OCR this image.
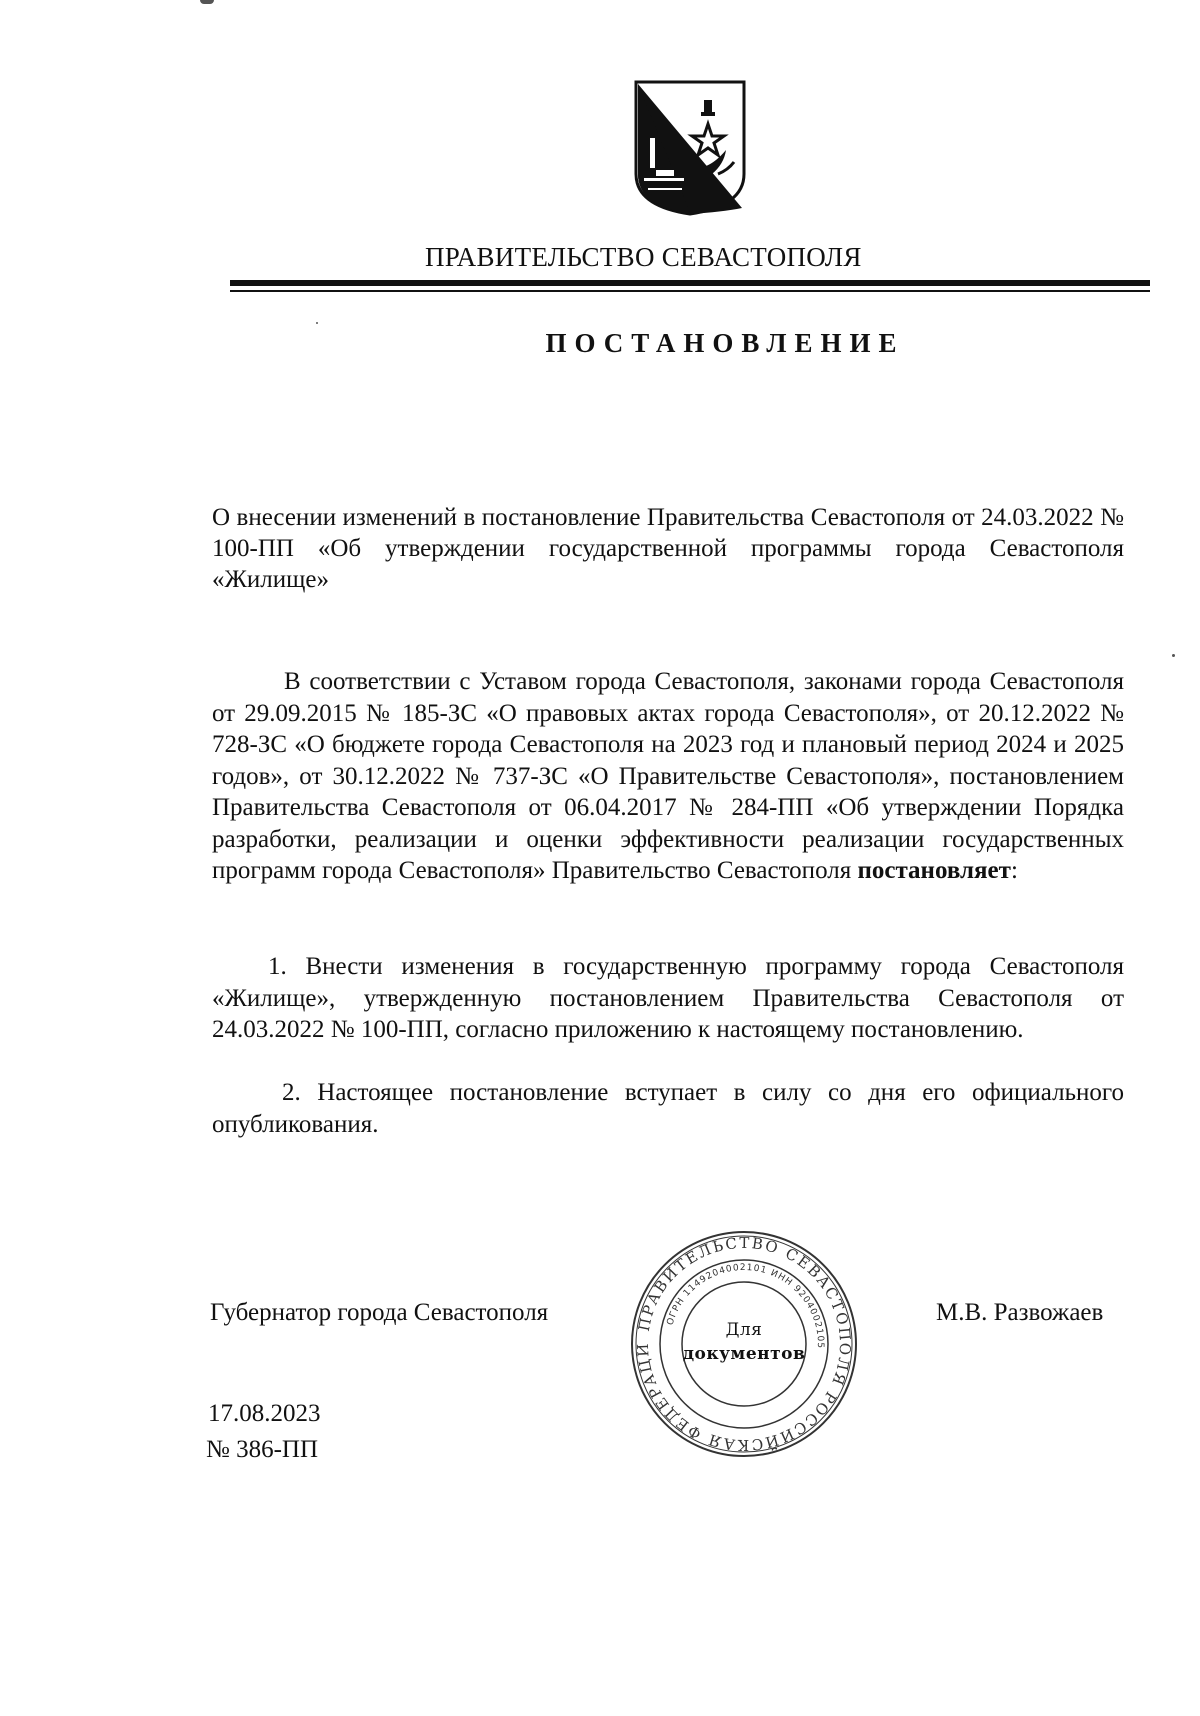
ПРАВИТЕЛЬСТВО СЕВАСТОПОЛЯ
ПОСТАНОВЛЕНИЕ
О внесении изменений в постановление Правительства Севастополя от 24.03.2022 № 100-ПП «Об утверждении государственной программы города Севастополя «Жилище»
В соответствии с Уставом города Севастополя, законами города Севастополя от 29.09.2015 № 185-ЗС «О правовых актах города Севастополя», от 20.12.2022 № 728-ЗС «О бюджете города Севастополя на 2023 год и плановый период 2024 и 2025 годов», от 30.12.2022 № 737-ЗС «О Правительстве Севастополя», постановлением Правительства Севастополя от 06.04.2017 № 284-ПП «Об утверждении Порядка разработки, реализации и оценки эффективности реализации государственных программ города Севастополя» Правительство Севастополя постановляет:
1. Внести изменения в государственную программу города Севастополя «Жилище», утвержденную постановлением Правительства Севастополя от 24.03.2022 № 100-ПП, согласно приложению к настоящему постановлению.
2. Настоящее постановление вступает в силу со дня его официального опубликования.
Губернатор города Севастополя	М.В. Развожаев
ПРАВИТЕЛЬСТВО СЕВАСТОПОЛЯ РОССИЙСКАЯ ФЕДЕРАЦИ
ОГРН 1149204002101 ИНН 9204002105
Для
документов
17.08.2023
№ 386-ПП
